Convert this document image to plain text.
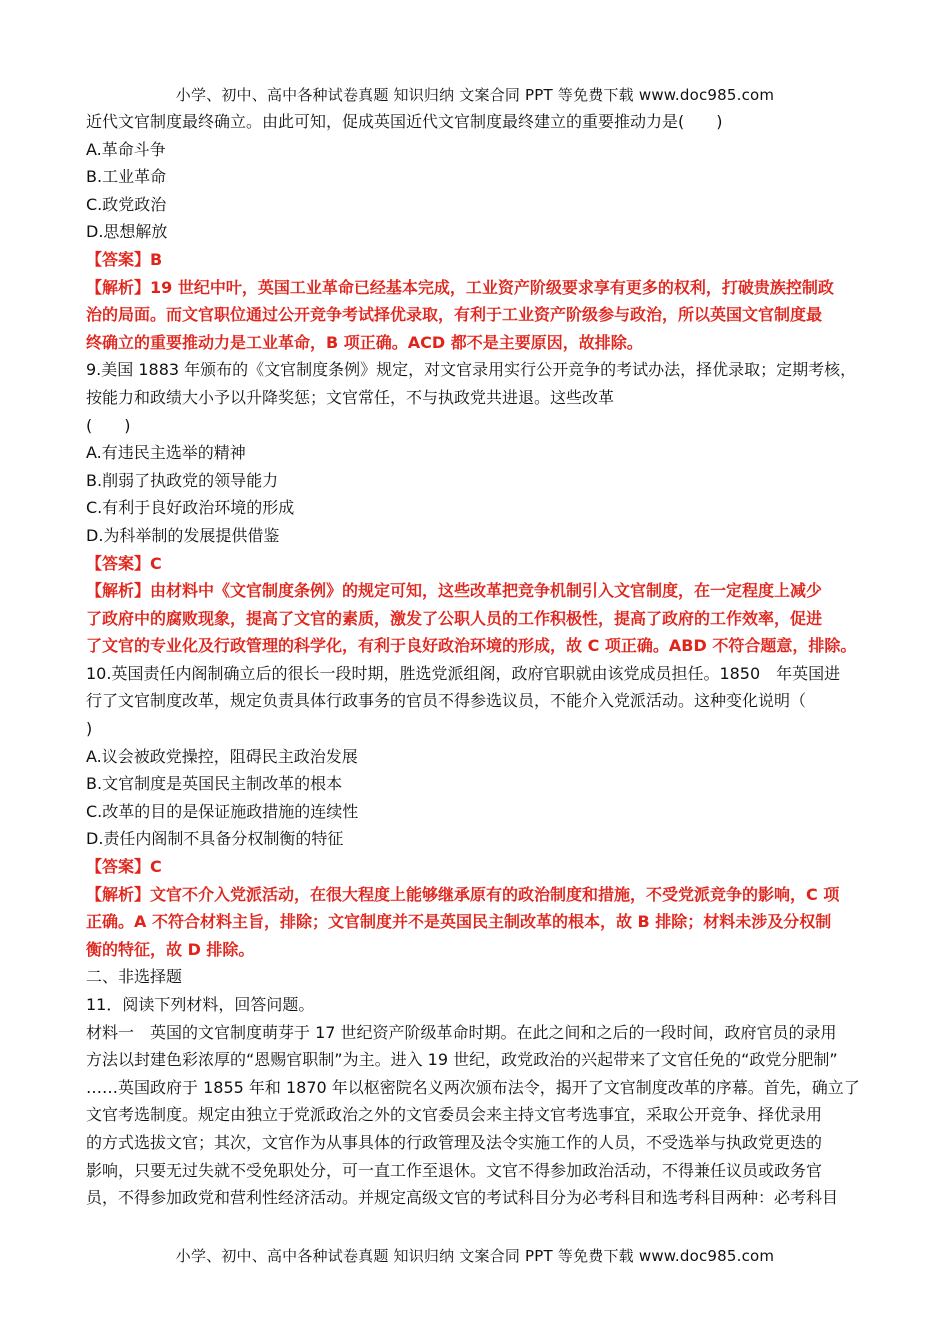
小学、初中、高中各种试卷真题 知识归纳 文案合同 PPT 等免费下载 www.doc985.com
近代文官制度最终确立。由此可知，促成英国近代文官制度最终建立的重要推动力是(　　)
A.革命斗争
B.工业革命
C.政党政治
D.思想解放
【答案】B
【解析】19 世纪中叶，英国工业革命已经基本完成，工业资产阶级要求享有更多的权利，打破贵族控制政
治的局面。而文官职位通过公开竞争考试择优录取，有利于工业资产阶级参与政治，所以英国文官制度最
终确立的重要推动力是工业革命，B 项正确。ACD 都不是主要原因，故排除。
9.美国 1883 年颁布的《文官制度条例》规定，对文官录用实行公开竞争的考试办法，择优录取；定期考核，
按能力和政绩大小予以升降奖惩；文官常任，不与执政党共进退。这些改革
(　　)
A.有违民主选举的精神
B.削弱了执政党的领导能力
C.有利于良好政治环境的形成
D.为科举制的发展提供借鉴
【答案】C
【解析】由材料中《文官制度条例》的规定可知，这些改革把竞争机制引入文官制度，在一定程度上减少
了政府中的腐败现象，提高了文官的素质，激发了公职人员的工作积极性，提高了政府的工作效率，促进
了文官的专业化及行政管理的科学化，有利于良好政治环境的形成，故 C 项正确。ABD 不符合题意，排除。
10.英国责任内阁制确立后的很长一段时期，胜选党派组阁，政府官职就由该党成员担任。1850　年英国进
行了文官制度改革，规定负责具体行政事务的官员不得参选议员，不能介入党派活动。这种变化说明（
)
A.议会被政党操控，阻碍民主政治发展
B.文官制度是英国民主制改革的根本
C.改革的目的是保证施政措施的连续性
D.责任内阁制不具备分权制衡的特征
【答案】C
【解析】文官不介入党派活动，在很大程度上能够继承原有的政治制度和措施，不受党派竞争的影响，C 项
正确。A 不符合材料主旨，排除；文官制度并不是英国民主制改革的根本，故 B 排除；材料未涉及分权制
衡的特征，故 D 排除。
二、非选择题
11．阅读下列材料，回答问题。
材料一　英国的文官制度萌芽于 17 世纪资产阶级革命时期。在此之间和之后的一段时间，政府官员的录用
方法以封建色彩浓厚的“恩赐官职制”为主。进入 19 世纪，政党政治的兴起带来了文官任免的“政党分肥制”
……英国政府于 1855 年和 1870 年以枢密院名义两次颁布法令，揭开了文官制度改革的序幕。首先，确立了
文官考选制度。规定由独立于党派政治之外的文官委员会来主持文官考选事宜，采取公开竞争、择优录用
的方式选拔文官；其次，文官作为从事具体的行政管理及法令实施工作的人员，不受选举与执政党更迭的
影响，只要无过失就不受免职处分，可一直工作至退休。文官不得参加政治活动，不得兼任议员或政务官
员，不得参加政党和营利性经济活动。并规定高级文官的考试科目分为必考科目和选考科目两种：必考科目
小学、初中、高中各种试卷真题 知识归纳 文案合同 PPT 等免费下载 www.doc985.com
